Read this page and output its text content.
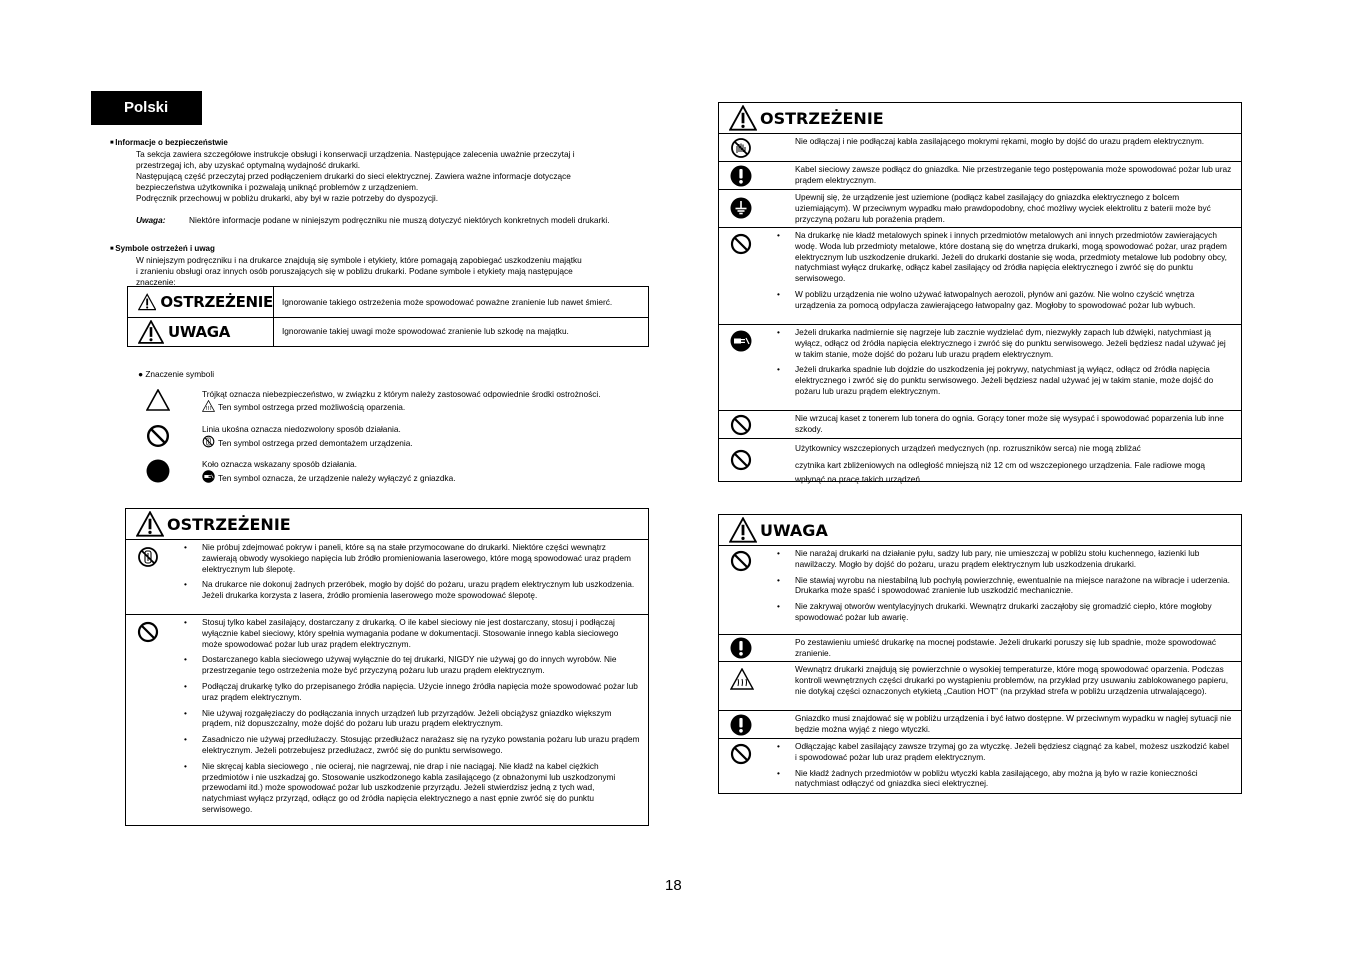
Polski
■ Informacje o bezpieczeństwie

Ta sekcja zawiera szczegółowe instrukcje obsługi i konserwacji urządzenia. Następujące zalecenia uważnie przeczytaj i

przestrzegaj ich, aby uzyskać optymalną wydajność drukarki.

Następującą część przeczytaj przed podłączeniem drukarki do sieci elektrycznej. Zawiera ważne informacje dotyczące

bezpieczeństwa użytkownika i pozwalają uniknąć problemów z urządzeniem.

Podręcznik przechowuj w pobliżu drukarki, aby był w razie potrzeby do dyspozycji.

Uwaga:	Niektóre informacje podane w niniejszym podręczniku nie muszą dotyczyć niektórych konkretnych modeli drukarki.

■ Symbole ostrzeżeń i uwag

W niniejszym podręczniku i na drukarce znajdują się symbole i etykiety, które pomagają zapobiegać uszkodzeniu majątku

i zranieniu obsługi oraz innych osób poruszających się w pobliżu drukarki. Podane symbole i etykiety mają następujące

znaczenie:

OSTRZEŻENIE	Ignorowanie takiego ostrzeżenia może spowodować poważne zranienie lub nawet śmierć.
UWAGA	Ignorowanie takiej uwagi może spowodować zranienie lub szkodę na majątku.
● Znaczenie symboli
Trójkąt oznacza niebezpieczeństwo, w związku z którym należy zastosować odpowiednie środki ostrożności.
Ten symbol ostrzega przed możliwością oparzenia.
Linia ukośna oznacza niedozwolony sposób działania.
Ten symbol ostrzega przed demontażem urządzenia.
Koło oznacza wskazany sposób działania.
Ten symbol oznacza, że urządzenie należy wyłączyć z gniazdka.
OSTRZEŻENIE
• Nie próbuj zdejmować pokryw i paneli, które są na stałe przymocowane do drukarki. Niektóre części wewnątrz zawierają obwody wysokiego napięcia lub źródło promieniowania laserowego, które mogą spowodować uraz prądem elektrycznym lub ślepotę.
• Na drukarce nie dokonuj żadnych przeróbek, mogło by dojść do pożaru, urazu prądem elektrycznym lub uszkodzenia. Jeżeli drukarka korzysta z lasera, źródło promienia laserowego może spowodować ślepotę.
• Stosuj tylko kabel zasilający, dostarczany z drukarką. O ile kabel sieciowy nie jest dostarczany, stosuj i podłączaj wyłącznie kabel sieciowy, który spełnia wymagania podane w dokumentacji. Stosowanie innego kabla sieciowego może spowodować pożar lub uraz prądem elektrycznym.
• Dostarczanego kabla sieciowego używaj wyłącznie do tej drukarki, NIGDY nie używaj go do innych wyrobów. Nie przestrzeganie tego ostrzeżenia może być przyczyną pożaru lub urazu prądem elektrycznym.
• Podłączaj drukarkę tylko do przepisanego źródła napięcia. Użycie innego źródła napięcia może spowodować pożar lub uraz prądem elektrycznym.
• Nie używaj rozgałęziaczy do podłączania innych urządzeń lub przyrządów. Jeżeli obciążysz gniazdko większym prądem, niż dopuszczalny, może dojść do pożaru lub urazu prądem elektrycznym.
• Zasadniczo nie używaj przedłużaczy. Stosując przedłużacz narażasz się na ryzyko powstania pożaru lub urazu prądem elektrycznym. Jeżeli potrzebujesz przedłużacz, zwróć się do punktu serwisowego.
• Nie skręcaj kabla sieciowego , nie ocieraj, nie nagrzewaj, nie drap i nie naciągaj. Nie kładź na kabel ciężkich przedmiotów i nie uszkadzaj go. Stosowanie uszkodzonego kabla zasilającego (z obnażonymi lub uszkodzonymi przewodami itd.) może spowodować pożar lub uszkodzenie przyrządu. Jeżeli stwierdzisz jedną z tych wad, natychmiast wyłącz przyrząd, odłącz go od źródła napięcia elektrycznego a nast ępnie zwróć się do punktu serwisowego.
OSTRZEŻENIE
Nie odłączaj i nie podłączaj kabla zasilającego mokrymi rękami, mogło by dojść do urazu prądem elektrycznym.
Kabel sieciowy zawsze podłącz do gniazdka. Nie przestrzeganie tego postępowania może spowodować pożar lub uraz prądem elektrycznym.
Upewnij się, że urządzenie jest uziemione (podłącz kabel zasilający do gniazdka elektrycznego z bolcem uziemiającym). W przeciwnym wypadku mało prawdopodobny, choć możliwy wyciek elektrolitu z baterii może być przyczyną pożaru lub porażenia prądem.
• Na drukarkę nie kładź metalowych spinek i innych przedmiotów metalowych ani innych przedmiotów zawierających wodę. Woda lub przedmioty metalowe, które dostaną się do wnętrza drukarki, mogą spowodować pożar, uraz prądem elektrycznym lub uszkodzenie drukarki. Jeżeli do drukarki dostanie się woda, przedmioty metalowe lub podobny obcy, natychmiast wyłącz drukarkę, odłącz kabel zasilający od źródła napięcia elektrycznego i zwróć się do punktu serwisowego.
• W pobliżu urządzenia nie wolno używać łatwopalnych aerozoli, płynów ani gazów. Nie wolno czyścić wnętrza urządzenia za pomocą odpylacza zawierającego łatwopalny gaz. Mogłoby to spowodować pożar lub wybuch.
• Jeżeli drukarka nadmiernie się nagrzeje lub zacznie wydzielać dym, niezwykły zapach lub dźwięki, natychmiast ją wyłącz, odłącz od źródła napięcia elektrycznego i zwróć się do punktu serwisowego. Jeżeli będziesz nadal używać jej w takim stanie, może dojść do pożaru lub urazu prądem elektrycznym.
• Jeżeli drukarka spadnie lub dojdzie do uszkodzenia jej pokrywy, natychmiast ją wyłącz, odłącz od źródła napięcia elektrycznego i zwróć się do punktu serwisowego. Jeżeli będziesz nadal używać jej w takim stanie, może dojść do pożaru lub urazu prądem elektrycznym.
Nie wrzucaj kaset z tonerem lub tonera do ognia. Gorący toner może się wysypać i spowodować poparzenia lub inne szkody.
Użytkownicy wszczepionych urządzeń medycznych (np. rozruszników serca) nie mogą zbliżać
czytnika kart zbliżeniowych na odległość mniejszą niż 12 cm od wszczepionego urządzenia. Fale radiowe mogą wpłynąć na pracę takich urządzeń.
UWAGA
• Nie narażaj drukarki na działanie pyłu, sadzy lub pary, nie umieszczaj w pobliżu stołu kuchennego, łazienki lub nawilżaczy. Mogło by dojść do pożaru, urazu prądem elektrycznym lub uszkodzenia drukarki.
• Nie stawiaj wyrobu na niestabilną lub pochyłą powierzchnię, ewentualnie na miejsce narażone na wibracje i uderzenia. Drukarka może spaść i spowodować zranienie lub uszkodzić mechanicznie.
• Nie zakrywaj otworów wentylacyjnych drukarki. Wewnątrz drukarki zacząłoby się gromadzić ciepło, które mogłoby spowodować pożar lub awarię.
Po zestawieniu umieść drukarkę na mocnej podstawie. Jeżeli drukarki poruszy się lub spadnie, może spowodować zranienie.
Wewnątrz drukarki znajdują się powierzchnie o wysokiej temperaturze, które mogą spowodować oparzenia. Podczas kontroli wewnętrznych części drukarki po wystąpieniu problemów, na przykład przy usuwaniu zablokowanego papieru, nie dotykaj części oznaczonych etykietą „Caution HOT” (na przykład strefa w pobliżu urządzenia utrwalającego).
Gniazdko musi znajdować się w pobliżu urządzenia i być łatwo dostępne. W przeciwnym wypadku w nagłej sytuacji nie będzie można wyjąć z niego wtyczki.
• Odłączając kabel zasilający zawsze trzymaj go za wtyczkę. Jeżeli będziesz ciągnąć za kabel, możesz uszkodzić kabel i spowodować pożar lub uraz prądem elektrycznym.
• Nie kładź żadnych przedmiotów w pobliżu wtyczki kabla zasilającego, aby można ją było w razie konieczności natychmiast odłączyć od gniazdka sieci elektrycznej.
18
